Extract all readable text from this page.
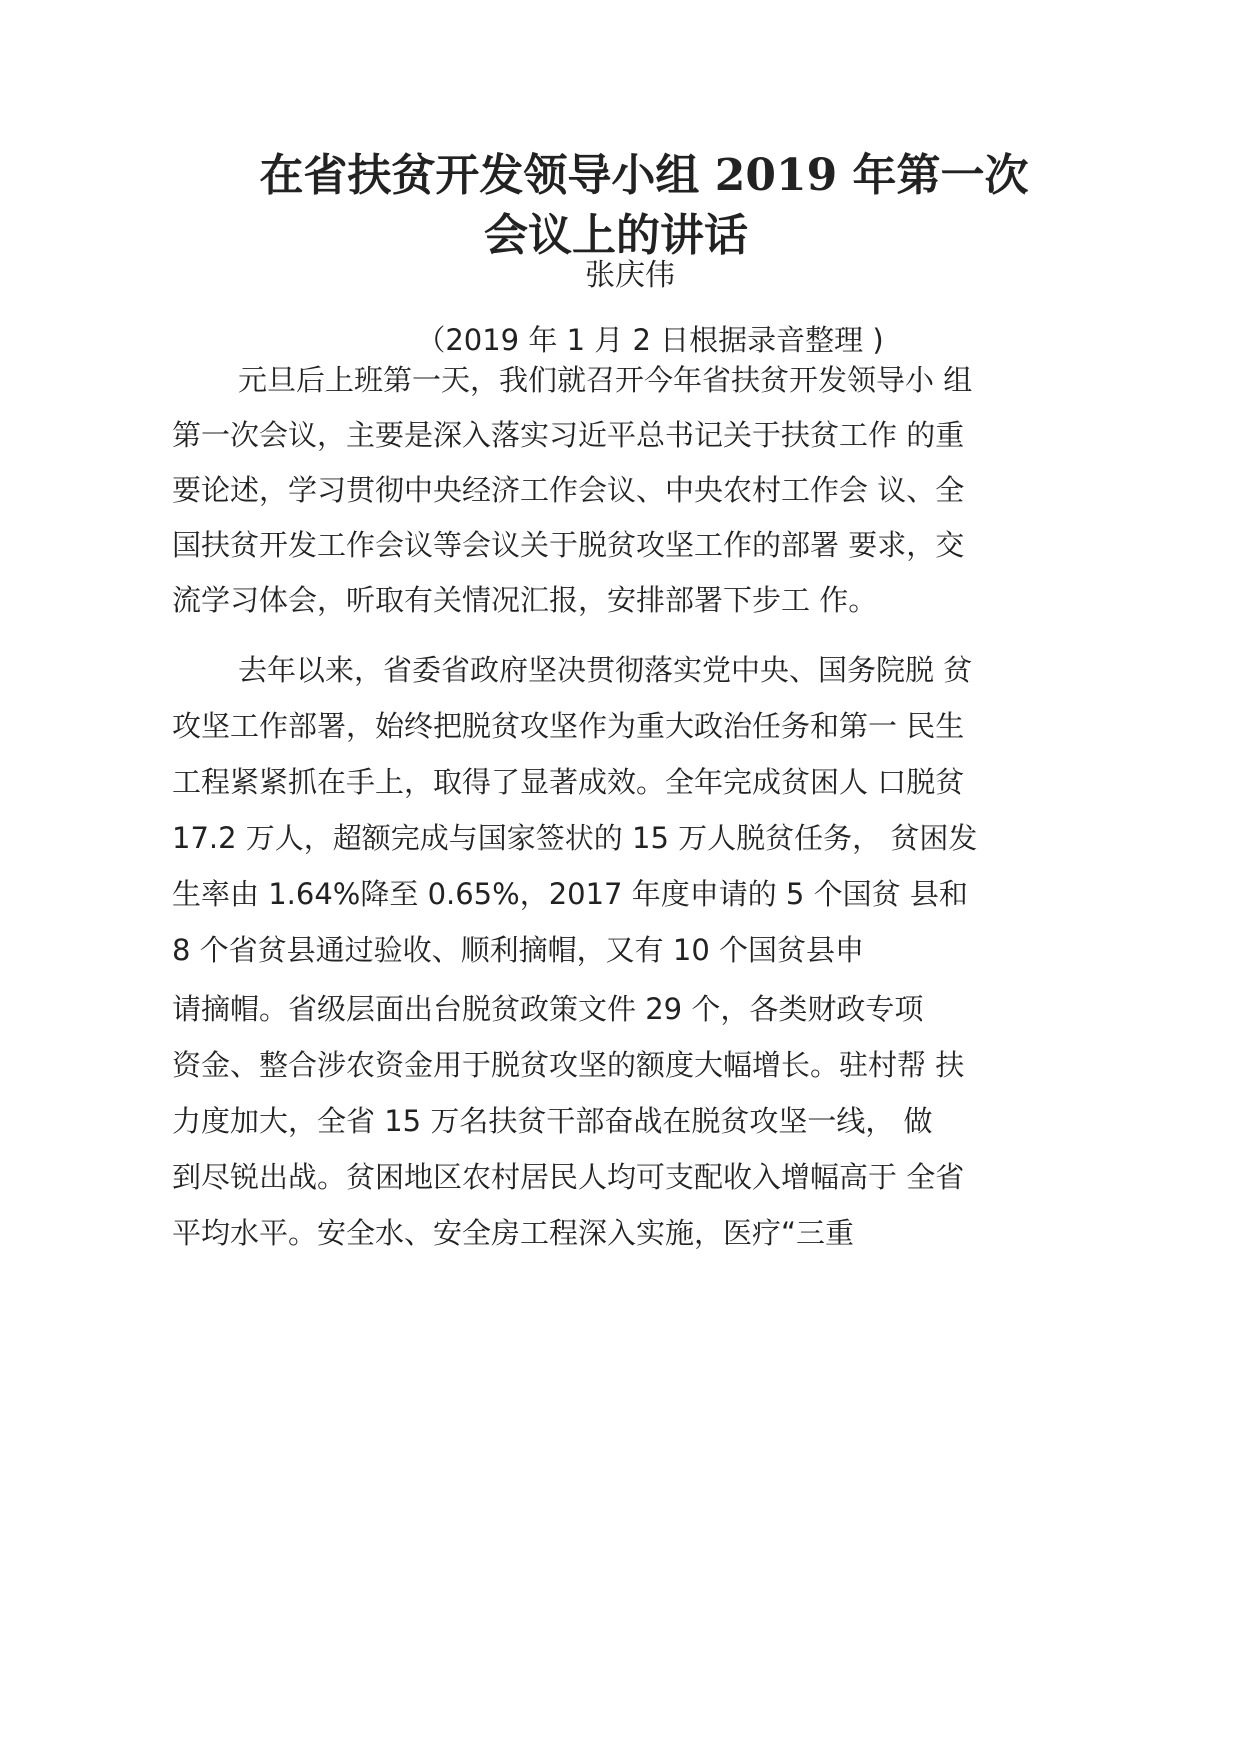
在省扶贫开发领导小组 2019 年第一次
会议上的讲话
张庆伟
（2019 年 1 月 2 日根据录音整理 )
元旦后上班第一天，我们就召开今年省扶贫开发领导小 组
第一次会议，主要是深入落实习近平总书记关于扶贫工作 的重
要论述，学习贯彻中央经济工作会议、中央农村工作会 议、全
国扶贫开发工作会议等会议关于脱贫攻坚工作的部署 要求，交
流学习体会，听取有关情况汇报，安排部署下步工 作。
去年以来，省委省政府坚决贯彻落实党中央、国务院脱 贫
攻坚工作部署，始终把脱贫攻坚作为重大政治任务和第一 民生
工程紧紧抓在手上，取得了显著成效。全年完成贫困人 口脱贫
17.2 万人，超额完成与国家签状的 15 万人脱贫任务， 贫困发
生率由 1.64%降至 0.65%，2017 年度申请的 5 个国贫 县和
8 个省贫县通过验收、顺利摘帽，又有 10 个国贫县申
请摘帽。省级层面出台脱贫政策文件 29 个，各类财政专项
资金、整合涉农资金用于脱贫攻坚的额度大幅增长。驻村帮 扶
力度加大，全省 15 万名扶贫干部奋战在脱贫攻坚一线， 做
到尽锐出战。贫困地区农村居民人均可支配收入增幅高于 全省
平均水平。安全水、安全房工程深入实施，医疗“三重
